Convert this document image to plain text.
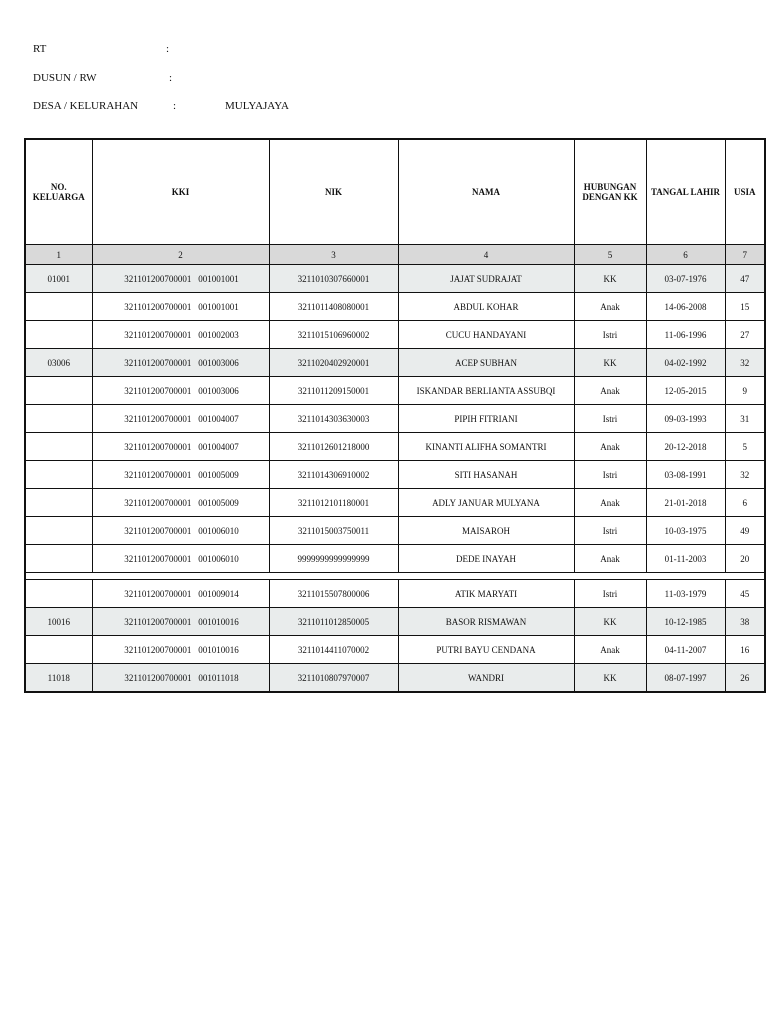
RT	:
DUSUN / RW	:
DESA / KELURAHAN	:	MULYAJAYA
NO. KELUARGA	KKI	NIK	NAMA	HUBUNGAN DENGAN KK	TANGAL LAHIR	USIA
1	2	3	4	5	6	7
01001	321101200700001 001001001	3211010307660001	JAJAT SUDRAJAT	KK	03-07-1976	47
	321101200700001 001001001	3211011408080001	ABDUL KOHAR	Anak	14-06-2008	15
	321101200700001 001002003	3211015106960002	CUCU HANDAYANI	Istri	11-06-1996	27
03006	321101200700001 001003006	3211020402920001	ACEP SUBHAN	KK	04-02-1992	32
	321101200700001 001003006	3211011209150001	ISKANDAR BERLIANTA ASSUBQI	Anak	12-05-2015	9
	321101200700001 001004007	3211014303630003	PIPIH FITRIANI	Istri	09-03-1993	31
	321101200700001 001004007	3211012601218000	KINANTI ALIFHA SOMANTRI	Anak	20-12-2018	5
	321101200700001 001005009	3211014306910002	SITI HASANAH	Istri	03-08-1991	32
	321101200700001 001005009	3211012101180001	ADLY JANUAR MULYANA	Anak	21-01-2018	6
	321101200700001 001006010	3211015003750011	MAISAROH	Istri	10-03-1975	49
	321101200700001 001006010	9999999999999999	DEDE INAYAH	Anak	01-11-2003	20

	321101200700001 001009014	3211015507800006	ATIK MARYATI	Istri	11-03-1979	45
10016	321101200700001 001010016	3211011012850005	BASOR RISMAWAN	KK	10-12-1985	38
	321101200700001 001010016	3211014411070002	PUTRI BAYU CENDANA	Anak	04-11-2007	16
11018	321101200700001 001011018	3211010807970007	WANDRI	KK	08-07-1997	26
